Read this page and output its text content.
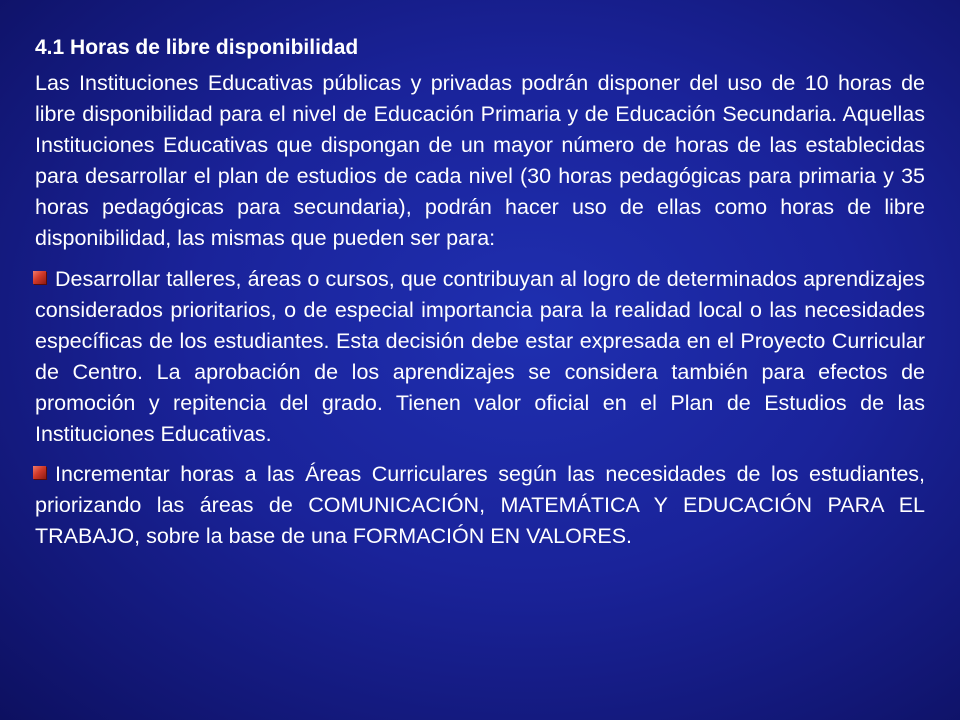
4.1 Horas de libre disponibilidad

Las Instituciones Educativas públicas y privadas podrán disponer del uso de 10 horas de libre disponibilidad para el nivel de Educación Primaria y de Educación Secundaria. Aquellas Instituciones Educativas que dispongan de un mayor número de horas de las establecidas para desarrollar el plan de estudios de cada nivel (30 horas pedagógicas para primaria y 35 horas pedagógicas para secundaria), podrán hacer uso de ellas como horas de libre disponibilidad, las mismas que pueden ser para:

Desarrollar talleres, áreas o cursos, que contribuyan al logro de determinados aprendizajes considerados prioritarios, o de especial importancia para la realidad local o las necesidades específicas de los estudiantes. Esta decisión debe estar expresada en el Proyecto Curricular de Centro. La aprobación de los aprendizajes se considera también para efectos de promoción y repitencia del grado. Tienen valor oficial en el Plan de Estudios de las Instituciones Educativas.

Incrementar horas a las Áreas Curriculares según las necesidades de los estudiantes, priorizando las áreas de COMUNICACIÓN, MATEMÁTICA Y EDUCACIÓN PARA EL TRABAJO, sobre la base de una FORMACIÓN EN VALORES.
